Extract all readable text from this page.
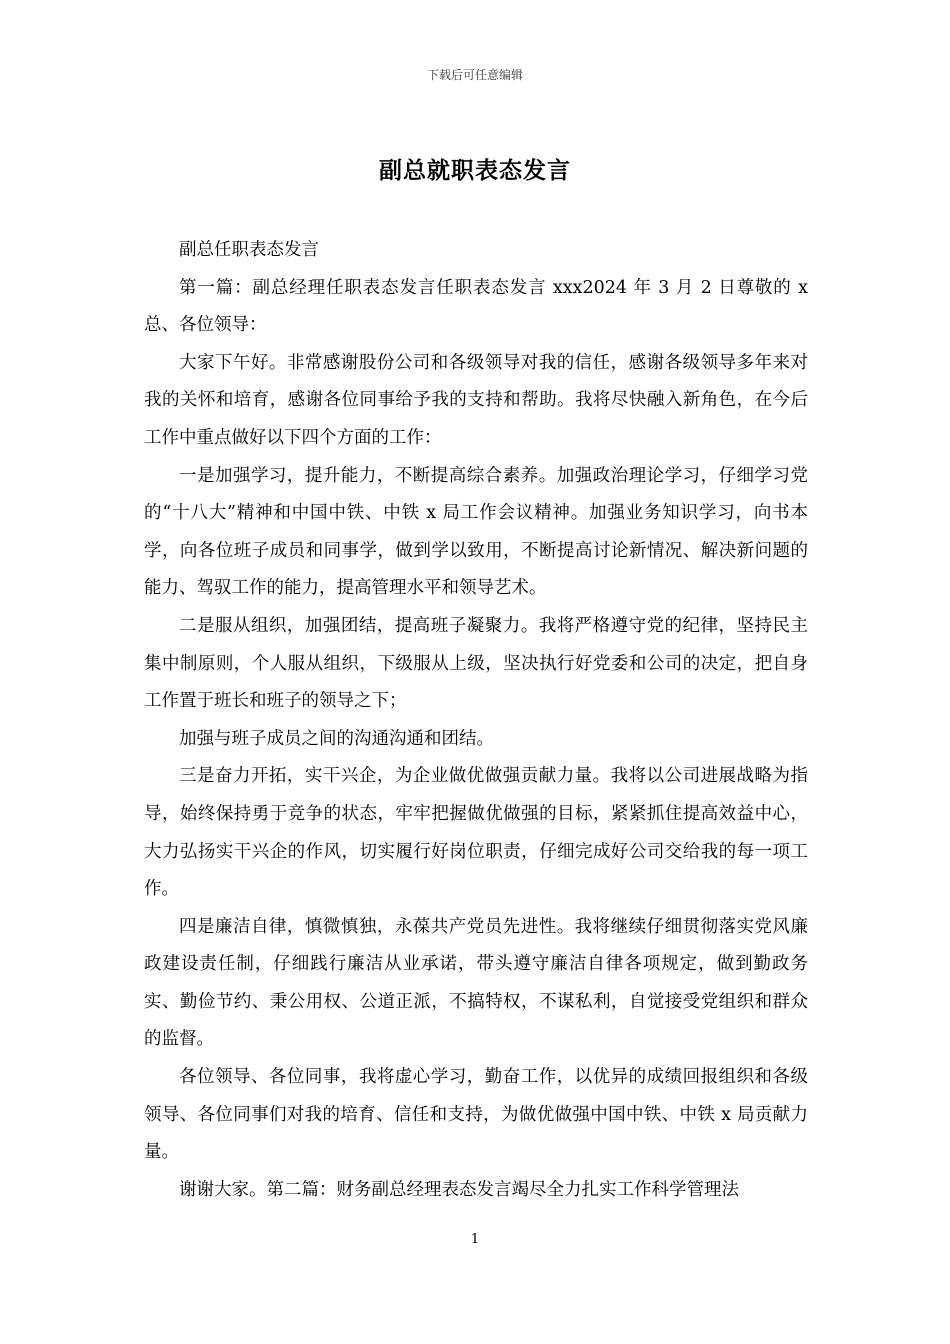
下载后可任意编辑
副总就职表态发言

副总任职表态发言

第一篇：副总经理任职表态发言任职表态发言 xxx2024 年 3 月 2 日尊敬的 x 总、各位领导：

大家下午好。非常感谢股份公司和各级领导对我的信任，感谢各级领导多年来对我的关怀和培育，感谢各位同事给予我的支持和帮助。我将尽快融入新角色，在今后工作中重点做好以下四个方面的工作：

一是加强学习，提升能力，不断提高综合素养。加强政治理论学习，仔细学习党的“十八大”精神和中国中铁、中铁 x 局工作会议精神。加强业务知识学习，向书本学，向各位班子成员和同事学，做到学以致用，不断提高讨论新情况、解决新问题的能力、驾驭工作的能力，提高管理水平和领导艺术。

二是服从组织，加强团结，提高班子凝聚力。我将严格遵守党的纪律，坚持民主集中制原则，个人服从组织，下级服从上级，坚决执行好党委和公司的决定，把自身工作置于班长和班子的领导之下；

加强与班子成员之间的沟通沟通和团结。

三是奋力开拓，实干兴企，为企业做优做强贡献力量。我将以公司进展战略为指导，始终保持勇于竞争的状态，牢牢把握做优做强的目标，紧紧抓住提高效益中心，大力弘扬实干兴企的作风，切实履行好岗位职责，仔细完成好公司交给我的每一项工作。

四是廉洁自律，慎微慎独，永葆共产党员先进性。我将继续仔细贯彻落实党风廉政建设责任制，仔细践行廉洁从业承诺，带头遵守廉洁自律各项规定，做到勤政务实、勤俭节约、秉公用权、公道正派，不搞特权，不谋私利，自觉接受党组织和群众的监督。

各位领导、各位同事，我将虚心学习，勤奋工作，以优异的成绩回报组织和各级领导、各位同事们对我的培育、信任和支持，为做优做强中国中铁、中铁 x 局贡献力量。

谢谢大家。第二篇：财务副总经理表态发言竭尽全力扎实工作科学管理法

1
